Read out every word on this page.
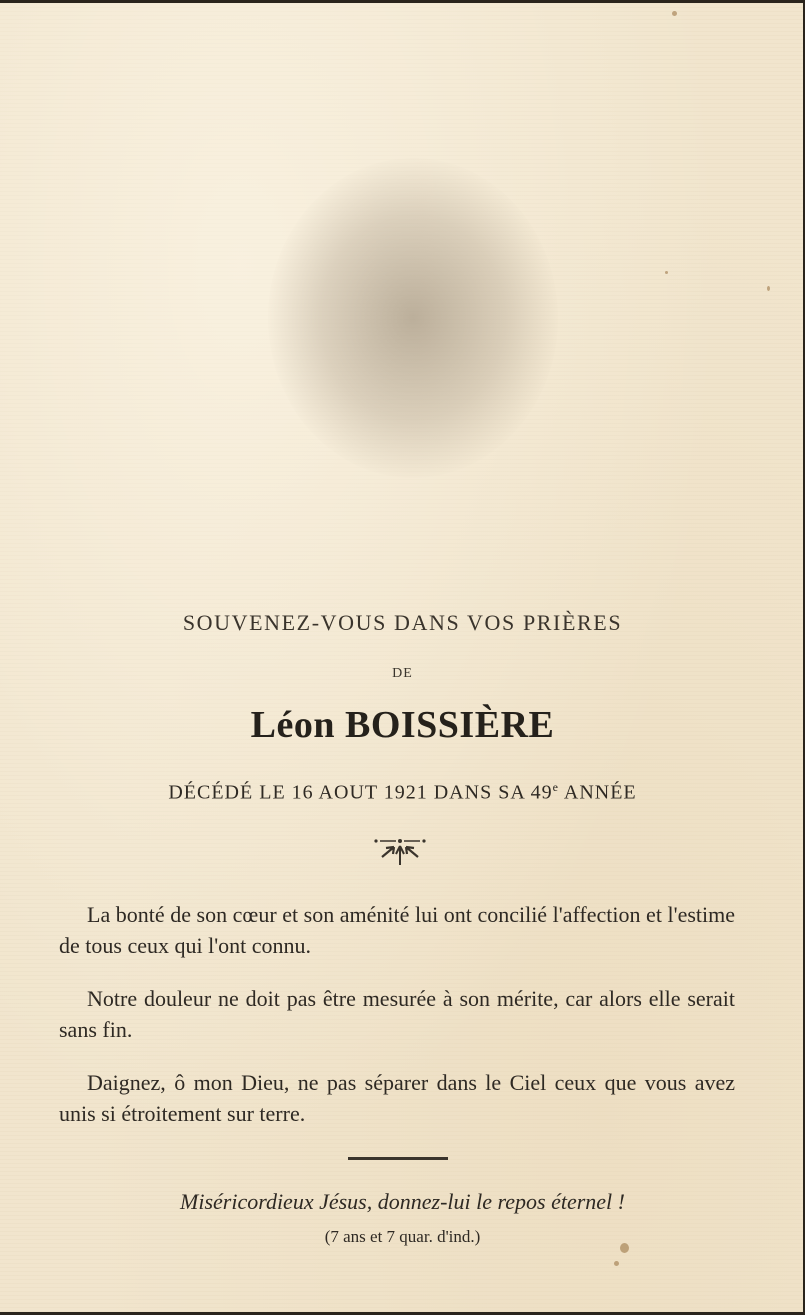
SOUVENEZ-VOUS DANS VOS PRIÈRES
DE
Léon BOISSIÈRE
DÉCÉDÉ LE 16 AOUT 1921 DANS SA 49e ANNÉE

La bonté de son cœur et son aménité lui ont concilié l'affection et l'estime de tous ceux qui l'ont connu.

Notre douleur ne doit pas être mesurée à son mérite, car alors elle serait sans fin.

Daignez, ô mon Dieu, ne pas séparer dans le Ciel ceux que vous avez unis si étroitement sur terre.

Miséricordieux Jésus, donnez-lui le repos éternel !
(7 ans et 7 quar. d'ind.)
